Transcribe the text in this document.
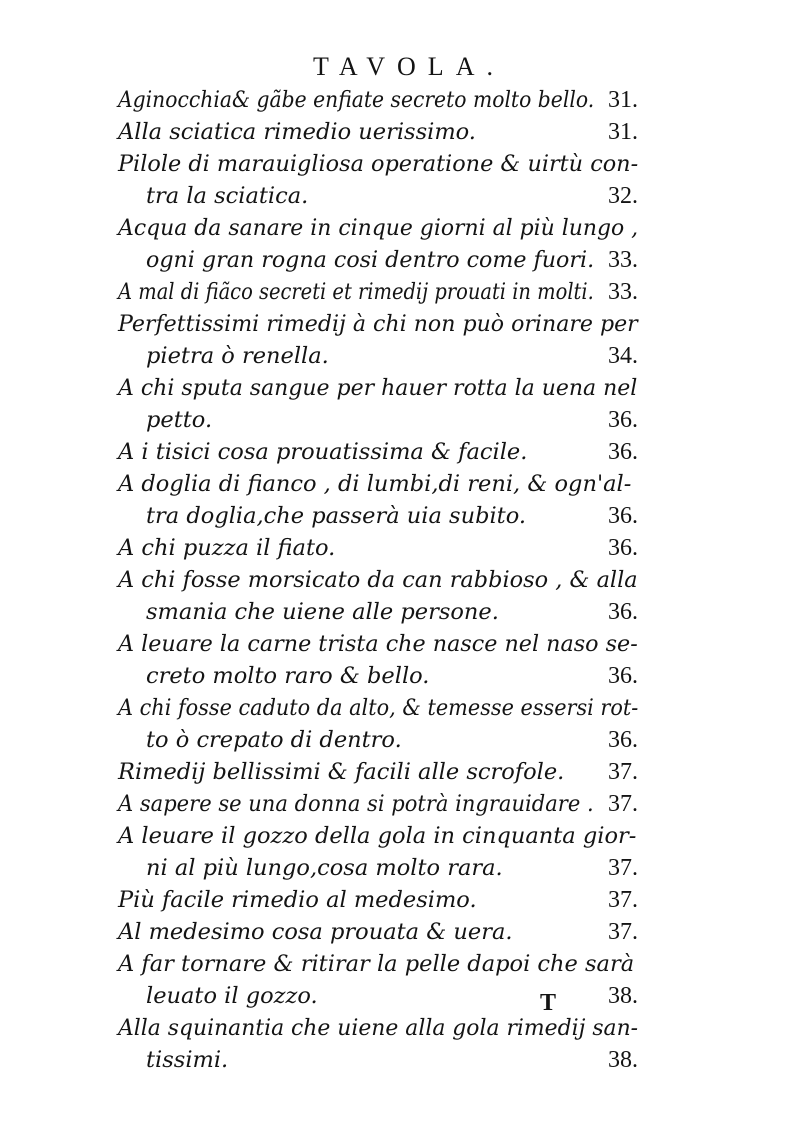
TAVOLA.
Aginocchia& gãbe enfiate secreto molto bello. 31.
Alla sciatica rimedio uerissimo.	31.
Pilole di marauigliosa operatione & uirtù con-
tra la sciatica.	32.
Acqua da sanare in cinque giorni al più lungo ,
ogni gran rogna cosi dentro come fuori. 33.
A mal di fiãco secreti et rimedij prouati in molti. 33.
Perfettissimi rimedij à chi non può orinare per
pietra ò renella.	34.
A chi sputa sangue per hauer rotta la uena nel
petto.	36.
A i tisici cosa prouatissima & facile.	36.
A doglia di fianco , di lumbi,di reni, & ogn'al-
tra doglia,che passerà uia subito.	36.
A chi puzza il fiato.	36.
A chi fosse morsicato da can rabbioso , & alla
smania che uiene alle persone.	36.
A leuare la carne trista che nasce nel naso se-
creto molto raro & bello.	36.
A chi fosse caduto da alto, & temesse essersi rot-
to ò crepato di dentro.	36.
Rimedij bellissimi & facili alle scrofole. 37.
A sapere se una donna si potrà ingrauidare . 37.
A leuare il gozzo della gola in cinquanta gior-
ni al più lungo,cosa molto rara.	37.
Più facile rimedio al medesimo.	37.
Al medesimo cosa prouata & uera.	37.
A far tornare & ritirar la pelle dapoi che sarà
leuato il gozzo.	38.
Alla squinantia che uiene alla gola rimedij san-
tissimi.	38.
T
